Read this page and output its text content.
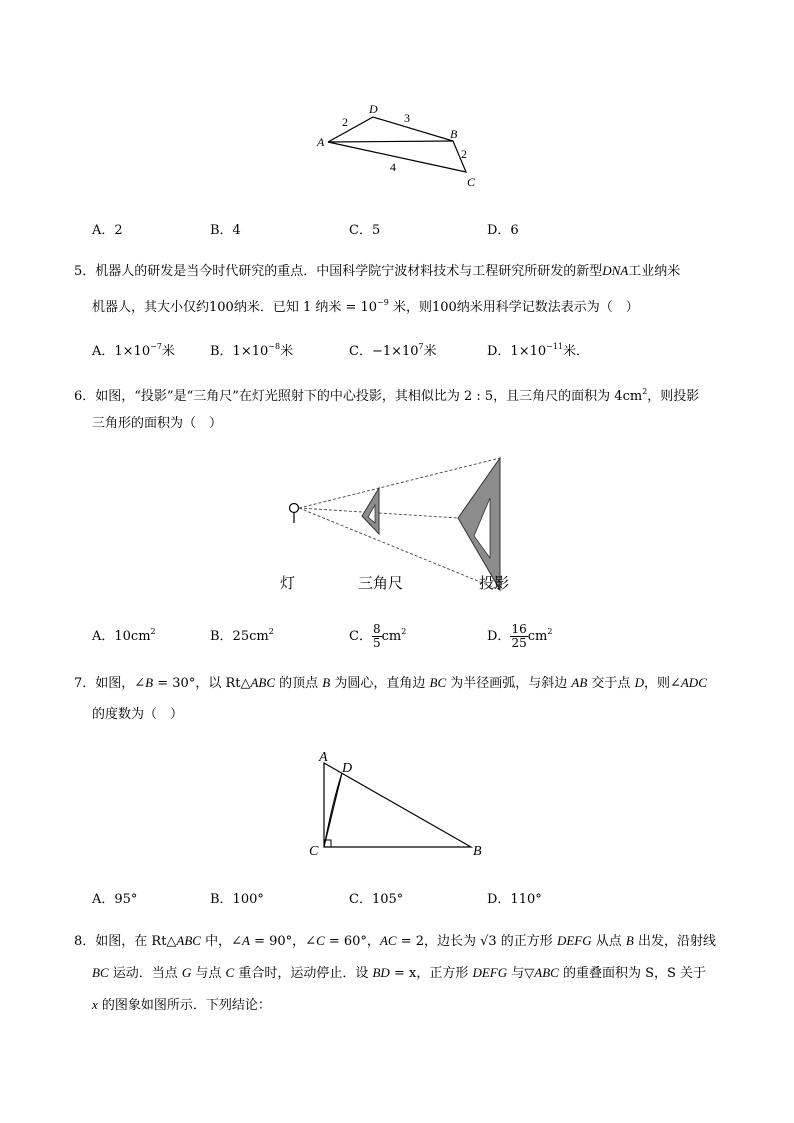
A
D
B
C
2	3
2
4
A．2	B．4	C．5	D．6
5．机器人的研发是当今时代研究的重点．中国科学院宁波材料技术与工程研究所研发的新型DNA工业纳米
机器人，其大小仅约100纳米．已知 1 纳米 = $10^{-9}$ 米，则100纳米用科学记数法表示为（　）
A．$1\times 10^{-7}$米	B．$1\times 10^{-8}$米	C．$-1\times 10^7$米	D．$1\times 10^{-11}$米．
6．如图，“投影”是“三角尺”在灯光照射下的中心投影，其相似比为 2 : 5，且三角尺的面积为 $4cm^2$，则投影
三角形的面积为（　）
灯	三角尺	投影
A．$10cm^2$	B．$25cm^2$	C． $\frac{8}{5} cm^2$	D． $\frac{16}{25} cm^2$
7．如图，∠B = 30°，以 Rt△ABC 的顶点 B 为圆心，直角边 BC 为半径画弧，与斜边 AB 交于点 D，则∠ADC
的度数为（　）
A
D
C	B
A．95°	B．100°	C．105°	D．110°
8．如图，在 Rt△ABC 中，∠A = 90°，∠C = 60°，AC = 2，边长为 √3 的正方形 DEFG 从点 B 出发，沿射线
BC 运动．当点 G 与点 C 重合时，运动停止．设 BD = x，正方形 DEFG 与▽ABC 的重叠面积为 S，S 关于
x 的图象如图所示．下列结论：
